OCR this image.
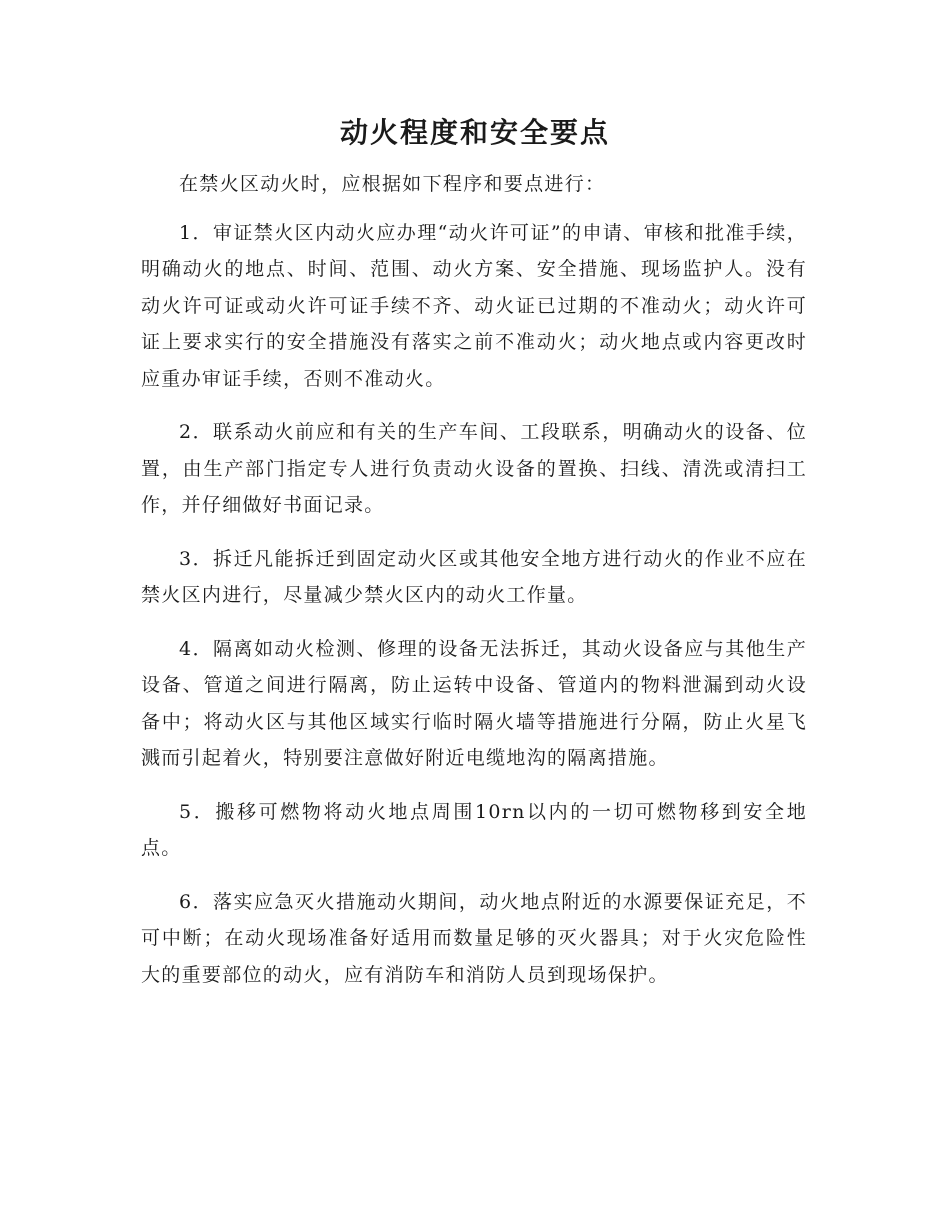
动火程度和安全要点

在禁火区动火时，应根据如下程序和要点进行：

1．审证禁火区内动火应办理“动火许可证”的申请、审核和批准手续，明确动火的地点、时间、范围、动火方案、安全措施、现场监护人。没有动火许可证或动火许可证手续不齐、动火证已过期的不准动火；动火许可证上要求实行的安全措施没有落实之前不准动火；动火地点或内容更改时应重办审证手续，否则不准动火。

2．联系动火前应和有关的生产车间、工段联系，明确动火的设备、位置，由生产部门指定专人进行负责动火设备的置换、扫线、清洗或清扫工作，并仔细做好书面记录。

3．拆迁凡能拆迁到固定动火区或其他安全地方进行动火的作业不应在禁火区内进行，尽量减少禁火区内的动火工作量。

4．隔离如动火检测、修理的设备无法拆迁，其动火设备应与其他生产设备、管道之间进行隔离，防止运转中设备、管道内的物料泄漏到动火设备中；将动火区与其他区域实行临时隔火墙等措施进行分隔，防止火星飞溅而引起着火，特别要注意做好附近电缆地沟的隔离措施。

5．搬移可燃物将动火地点周围10rn以内的一切可燃物移到安全地点。

6．落实应急灭火措施动火期间，动火地点附近的水源要保证充足，不可中断；在动火现场准备好适用而数量足够的灭火器具；对于火灾危险性大的重要部位的动火，应有消防车和消防人员到现场保护。
